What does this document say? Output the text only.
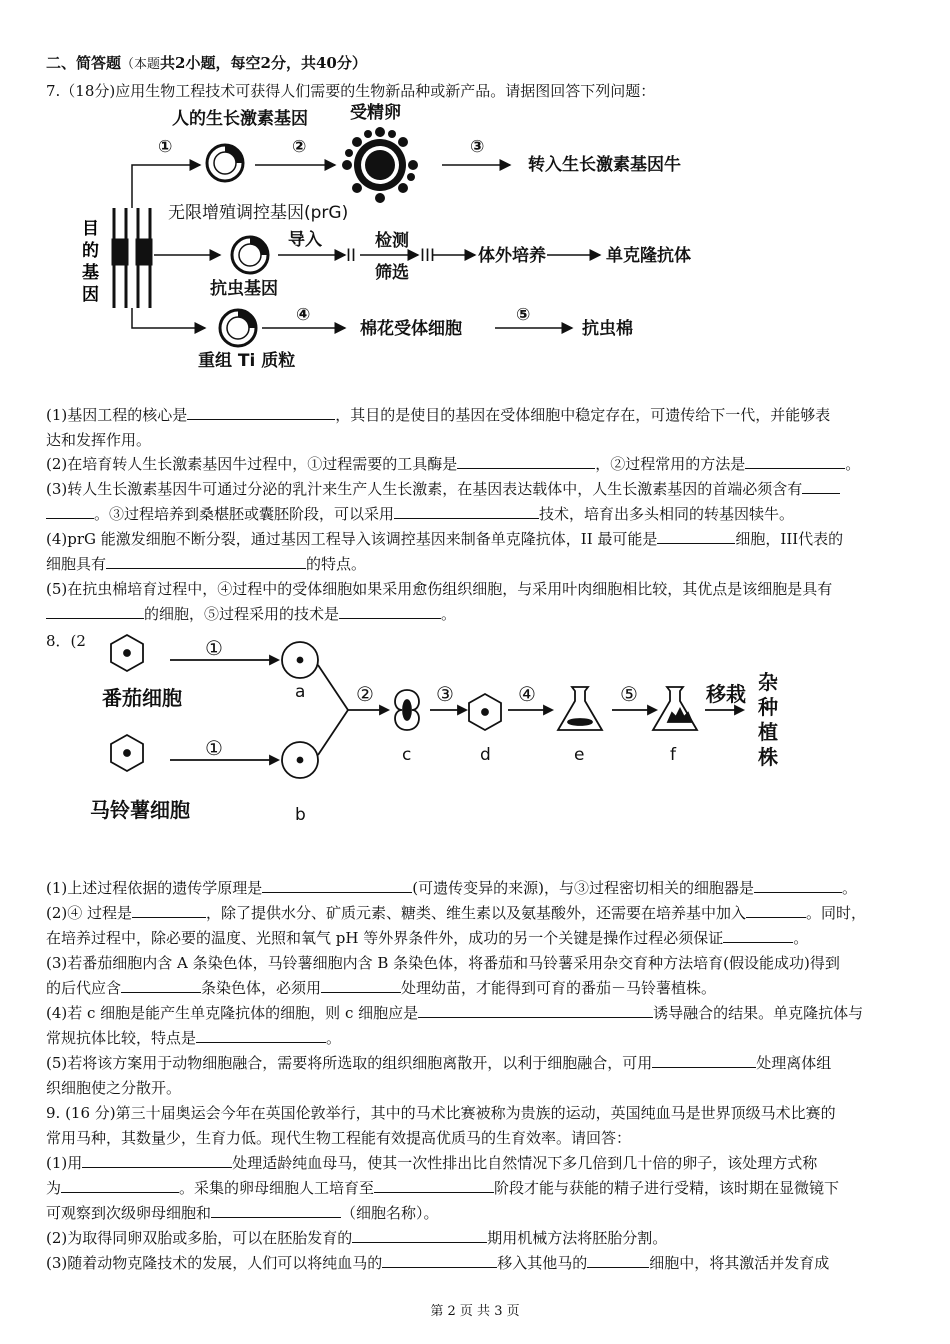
二、简答题（本题共2小题，每空2分，共40分）
7.（18分)应用生物工程技术可获得人们需要的生物新品种或新产品。请据图回答下列问题：
目
的
基
因
人的生长激素基因 受精卵
①	②	③
转入生长激素基因牛
无限增殖调控基因(prG)
导入
II
检测
筛选
III	体外培养	单克隆抗体
抗虫基因
④
棉花受体细胞
⑤
抗虫棉
重组 Ti 质粒
(1)基因工程的核心是	，其目的是使目的基因在受体细胞中稳定存在，可遗传给下一代，并能够表
达和发挥作用。
(2)在培育转人生长激素基因牛过程中，①过程需要的工具酶是	，②过程常用的方法是	。
(3)转人生长激素基因牛可通过分泌的乳汁来生产人生长激素，在基因表达载体中，人生长激素基因的首端必须含有
。③过程培养到桑椹胚或囊胚阶段，可以采用	技术，培育出多头相同的转基因犊牛。
(4)prG 能激发细胞不断分裂，通过基因工程导入该调控基因来制备单克隆抗体，II 最可能是	细胞，III代表的
细胞具有	的特点。
(5)在抗虫棉培育过程中，④过程中的受体细胞如果采用愈伤组织细胞，与采用叶肉细胞相比较，其优点是该细胞是具有
的细胞，⑤过程采用的技术是	。
8．(2
番茄细胞
马铃薯细胞
①
①
②	③	④	⑤	移栽 杂
种
植
株
a
b
c	d	e	f
(1)上述过程依据的遗传学原理是	(可遗传变异的来源)，与③过程密切相关的细胞器是	。
(2)④ 过程是	，除了提供水分、矿质元素、糖类、维生素以及氨基酸外，还需要在培养基中加入	。同时，
在培养过程中，除必要的温度、光照和氧气 pH 等外界条件外，成功的另一个关键是操作过程必须保证	。
(3)若番茄细胞内含 A 条染色体，马铃薯细胞内含 B 条染色体，将番茄和马铃薯采用杂交育种方法培育(假设能成功)得到
的后代应含	条染色体，必须用	处理幼苗，才能得到可育的番茄－马铃薯植株。
(4)若 c 细胞是能产生单克隆抗体的细胞，则 c 细胞应是	诱导融合的结果。单克隆抗体与
常规抗体比较，特点是	。
(5)若将该方案用于动物细胞融合，需要将所选取的组织细胞离散开，以利于细胞融合，可用	处理离体组
织细胞使之分散开。
9. (16 分)第三十届奥运会今年在英国伦敦举行，其中的马术比赛被称为贵族的运动，英国纯血马是世界顶级马术比赛的
常用马种，其数量少，生育力低。现代生物工程能有效提高优质马的生育效率。请回答：
(1)用	处理适龄纯血母马，使其一次性排出比自然情况下多几倍到几十倍的卵子，该处理方式称
为	。采集的卵母细胞人工培育至	阶段才能与获能的精子进行受精，该时期在显微镜下
可观察到次级卵母细胞和	（细胞名称）。
(2)为取得同卵双胎或多胎，可以在胚胎发育的	期用机械方法将胚胎分割。
(3)随着动物克隆技术的发展，人们可以将纯血马的	移入其他马的	细胞中，将其激活并发育成
第 2 页 共 3 页
